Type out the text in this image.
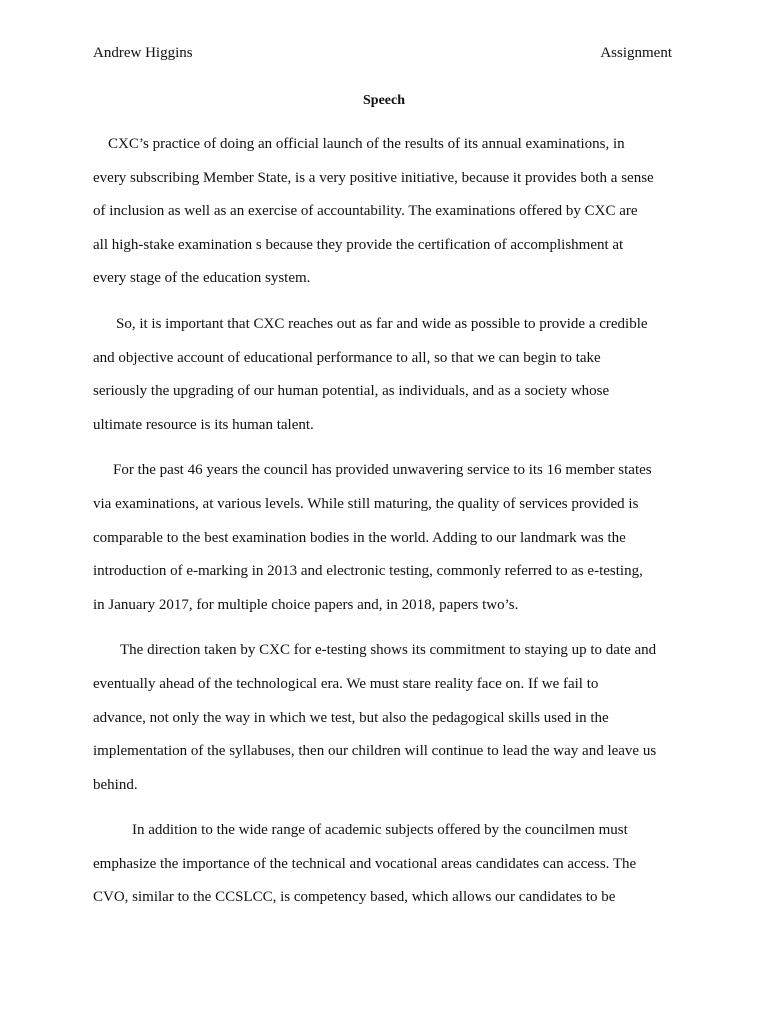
Andrew Higgins	Assignment
Speech
CXC’s practice of doing an official launch of the results of its annual examinations, in
every subscribing Member State, is a very positive initiative, because it provides both a sense
of inclusion as well as an exercise of accountability. The examinations offered by CXC are
all high-stake examination s because they provide the certification of accomplishment at
every stage of the education system.
So, it is important that CXC reaches out as far and wide as possible to provide a credible
and objective account of educational performance to all, so that we can begin to take
seriously the upgrading of our human potential, as individuals, and as a society whose
ultimate resource is its human talent.
For the past 46 years the council has provided unwavering service to its 16 member states
via examinations, at various levels. While still maturing, the quality of services provided is
comparable to the best examination bodies in the world. Adding to our landmark was the
introduction of e-marking in 2013 and electronic testing, commonly referred to as e-testing,
in January 2017, for multiple choice papers and, in 2018, papers two’s.
The direction taken by CXC for e-testing shows its commitment to staying up to date and
eventually ahead of the technological era. We must stare reality face on. If we fail to
advance, not only the way in which we test, but also the pedagogical skills used in the
implementation of the syllabuses, then our children will continue to lead the way and leave us
behind.
In addition to the wide range of academic subjects offered by the councilmen must
emphasize the importance of the technical and vocational areas candidates can access. The
CVO, similar to the CCSLCC, is competency based, which allows our candidates to be
